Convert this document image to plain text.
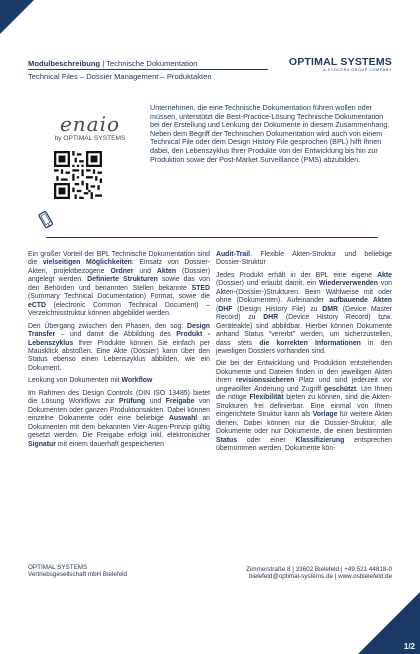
Modulbeschreibung | Technische Dokumentation
Technical Files – Dossier Management – Produktakten
OPTIMAL SYSTEMS
A KYOCERA GROUP COMPANY
enaio
by OPTIMAL SYSTEMS

Unternehmen, die eine Technische Dokumentation führen wollen oder müssen, unterstützt die Best-Practice-Lösung Technische Dokumentation bei der Erstellung und Lenkung der Dokumente in diesem Zusammenhang. Neben dem Begriff der Technischen Dokumentation wird auch von einem Technical File oder dem Design History File gesprochen (BPL) hilft Ihnen dabei, den Lebenszyklus Ihrer Produkte von der Entwicklung bis hin zur Produktion sowie der Post-Market Surveillance (PMS) abzubilden.

Ein großer Vorteil der BPL Technische Dokumentation sind die vielseitigen Möglichkeiten: Einsatz von Dossier-Akten, projektbezogene Ordner und Akten (Dossier) angelegt werden. Definierte Strukturen sowie das von den Behörden und benannten Stellen bekannte STED (Summary Technical Documentation) Format, sowie die eCTD (electronic Common Technical Document) – Verzeichnisstruktur können abgebildet werden.

Den Übergang zwischen den Phasen, den sog. Design Transfer – und damit die Abbildung des Produkt - Lebenszyklus Ihrer Produkte können Sie einfach per Mausklick abstoßen. Eine Akte (Dossier) kann über den Status ebenso einen Lebenszyklus abbilden, wie ein Dokument.

Lenkung von Dokumenten mit Workflow

Im Rahmen des Design Controls (DIN ISO 13485) bietet die Lösung Workflows zur Prüfung und Freigabe von Dokumenten oder ganzen Produktionsakten. Dabei können einzelne Dokumente oder eine beliebige Auswahl an Dokumenten mit dem bekannten Vier-Augen-Prinzip gültig gesetzt werden. Die Freigabe erfolgt inkl. elektronischer Signatur mit einem dauerhaft gespeicherten

Audit-Trail. Flexible Akten-Struktur und beliebige Dossier-Struktur

Jedes Produkt erhält in der BPL eine eigene Akte (Dossier) und erlaubt damit, ein Wiederverwenden von Akten-(Dossier-)Strukturen. Beim Wahlweise mit oder ohne (Dokumenten). Aufeinander aufbauende Akten (DHF (Design History File) zu DMR (Device Master Record) zu DHR (Device History Record) bzw. Geräteakte) sind abbildbar. Hierbei können Dokumente anhand Status "vererbt" werden, um sicherzustellen, dass stets die korrekten Informationen in den jeweiligen Dossiers vorhanden sind.

Die bei der Entwicklung und Produktion entstehenden Dokumente und Dateien finden in den jeweiligen Akten ihren revisionssicheren Platz und sind jederzeit vor ungewollter Änderung und Zugriff geschützt. Um Ihnen die nötige Flexibilität bieten zu können, sind die Akten-Strukturen frei definierbar. Eine einmal von Ihnen eingerichtete Struktur kann als Vorlage für weitere Akten dienen. Dabei können nur die Dossier-Struktur, alle Dokumente oder nur Dokumente, die einen bestimmten Status oder einer Klassifizierung entsprechen übernommen werden. Dokumente kön-

OPTIMAL SYSTEMS
Vertriebsgesellschaft mbH Bielefeld
Zimmerstraße 8 | 33602 Bielefeld | +49 521 44818-0
bielefeld@optimal-systems.de | www.osbielefeld.de
1/2
